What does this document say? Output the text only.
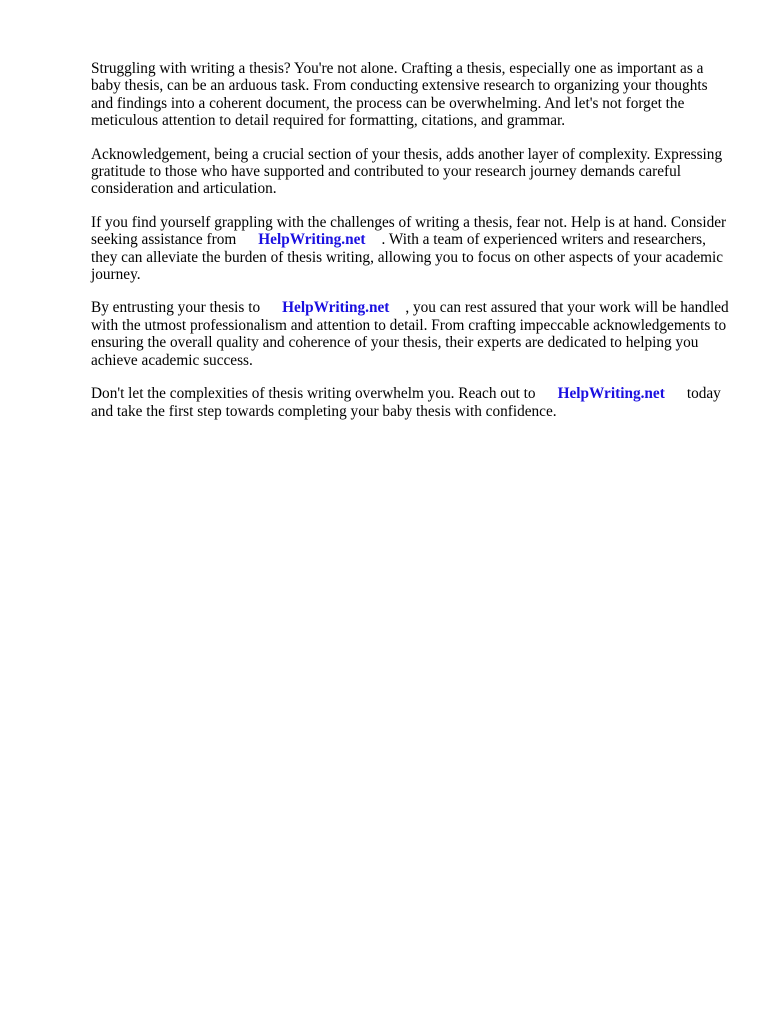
Struggling with writing a thesis? You're not alone. Crafting a thesis, especially one as important as a baby thesis, can be an arduous task. From conducting extensive research to organizing your thoughts and findings into a coherent document, the process can be overwhelming. And let's not forget the meticulous attention to detail required for formatting, citations, and grammar.

Acknowledgement, being a crucial section of your thesis, adds another layer of complexity. Expressing gratitude to those who have supported and contributed to your research journey demands careful consideration and articulation.

If you find yourself grappling with the challenges of writing a thesis, fear not. Help is at hand. Consider seeking assistance from HelpWriting.net . With a team of experienced writers and researchers, they can alleviate the burden of thesis writing, allowing you to focus on other aspects of your academic journey.

By entrusting your thesis to HelpWriting.net , you can rest assured that your work will be handled with the utmost professionalism and attention to detail. From crafting impeccable acknowledgements to ensuring the overall quality and coherence of your thesis, their experts are dedicated to helping you achieve academic success.

Don't let the complexities of thesis writing overwhelm you. Reach out to HelpWriting.net today and take the first step towards completing your baby thesis with confidence.
